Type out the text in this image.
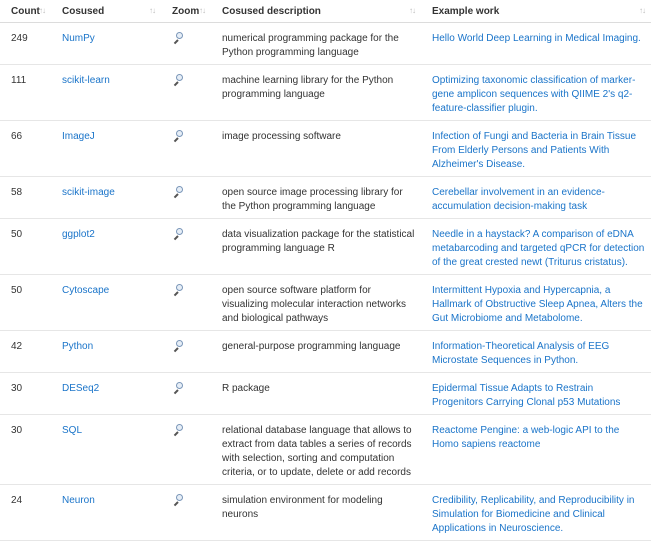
Count ↑↓	Cosused ↑↓	Zoom ↑↓	Cosused description ↑↓	Example work ↑↓

249	NumPy		numerical programming package for the Python programming language	Hello World Deep Learning in Medical Imaging.
111	scikit-learn		machine learning library for the Python programming language	Optimizing taxonomic classification of marker-gene amplicon sequences with QIIME 2's q2-feature-classifier plugin.
66	ImageJ		image processing software	Infection of Fungi and Bacteria in Brain Tissue From Elderly Persons and Patients With Alzheimer's Disease.
58	scikit-image		open source image processing library for the Python programming language	Cerebellar involvement in an evidence-accumulation decision-making task
50	ggplot2		data visualization package for the statistical programming language R	Needle in a haystack? A comparison of eDNA metabarcoding and targeted qPCR for detection of the great crested newt (Triturus cristatus).
50	Cytoscape		open source software platform for visualizing molecular interaction networks and biological pathways	Intermittent Hypoxia and Hypercapnia, a Hallmark of Obstructive Sleep Apnea, Alters the Gut Microbiome and Metabolome.
42	Python		general-purpose programming language	Information-Theoretical Analysis of EEG Microstate Sequences in Python.
30	DESeq2		R package	Epidermal Tissue Adapts to Restrain Progenitors Carrying Clonal p53 Mutations
30	SQL		relational database language that allows to extract from data tables a series of records with selection, sorting and computation criteria, or to update, delete or add records	Reactome Pengine: a web-logic API to the Homo sapiens reactome
24	Neuron		simulation environment for modeling neurons	Credibility, Replicability, and Reproducibility in Simulation for Biomedicine and Clinical Applications in Neuroscience.
